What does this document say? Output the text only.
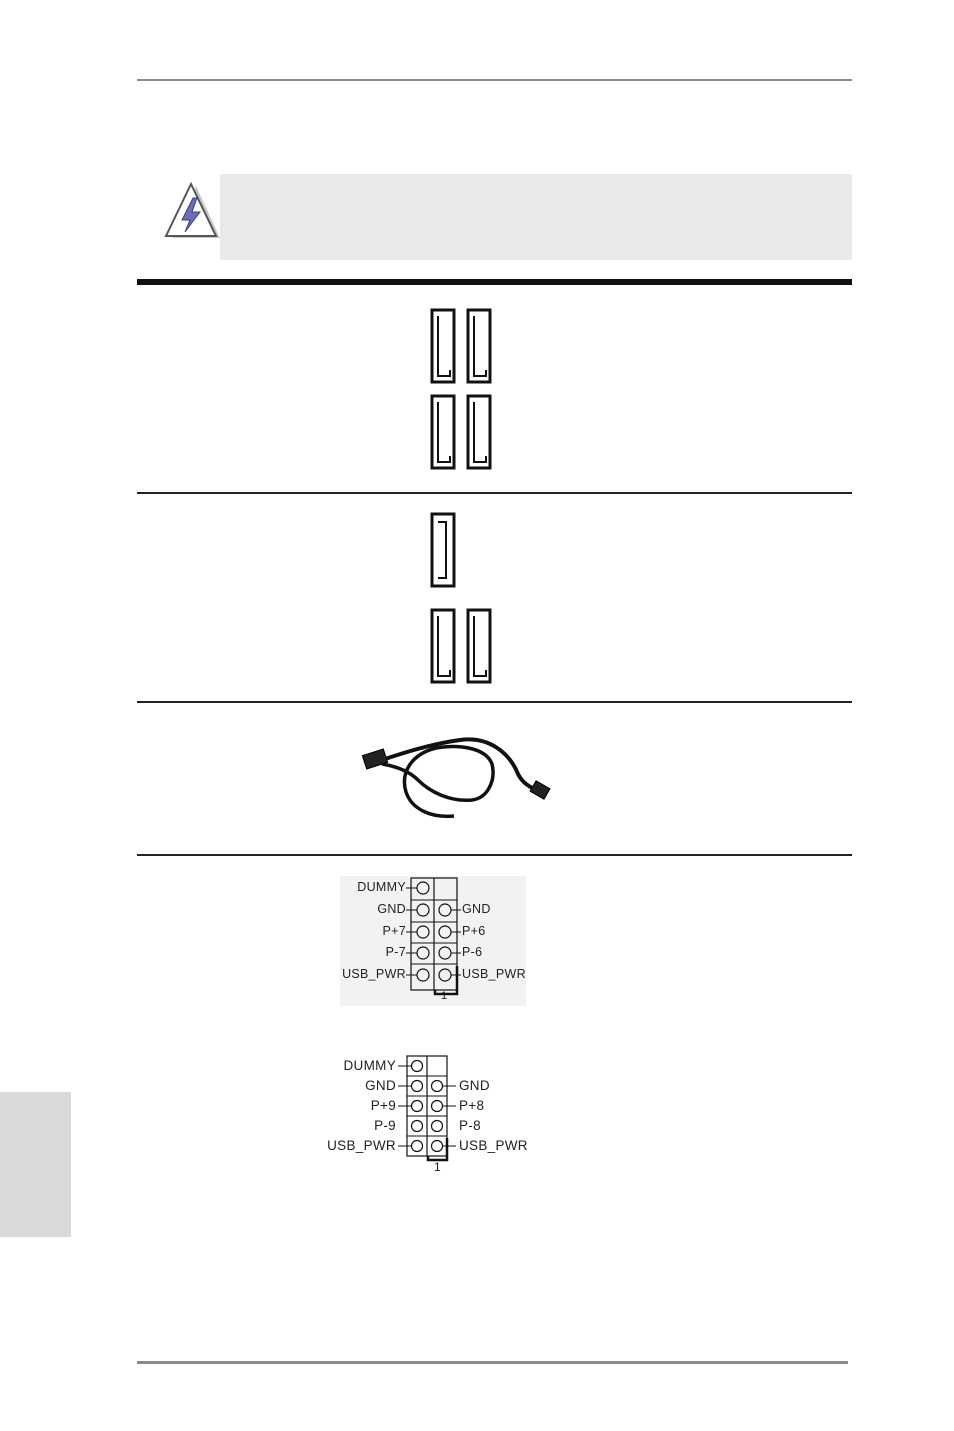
DUMMY
GND
P+7
P-7
USB_PWR
GND
P+6
P-6
USB_PWR
1
DUMMY
GND
P+9
P-9
USB_PWR
GND
P+8
P-8
USB_PWR
1
